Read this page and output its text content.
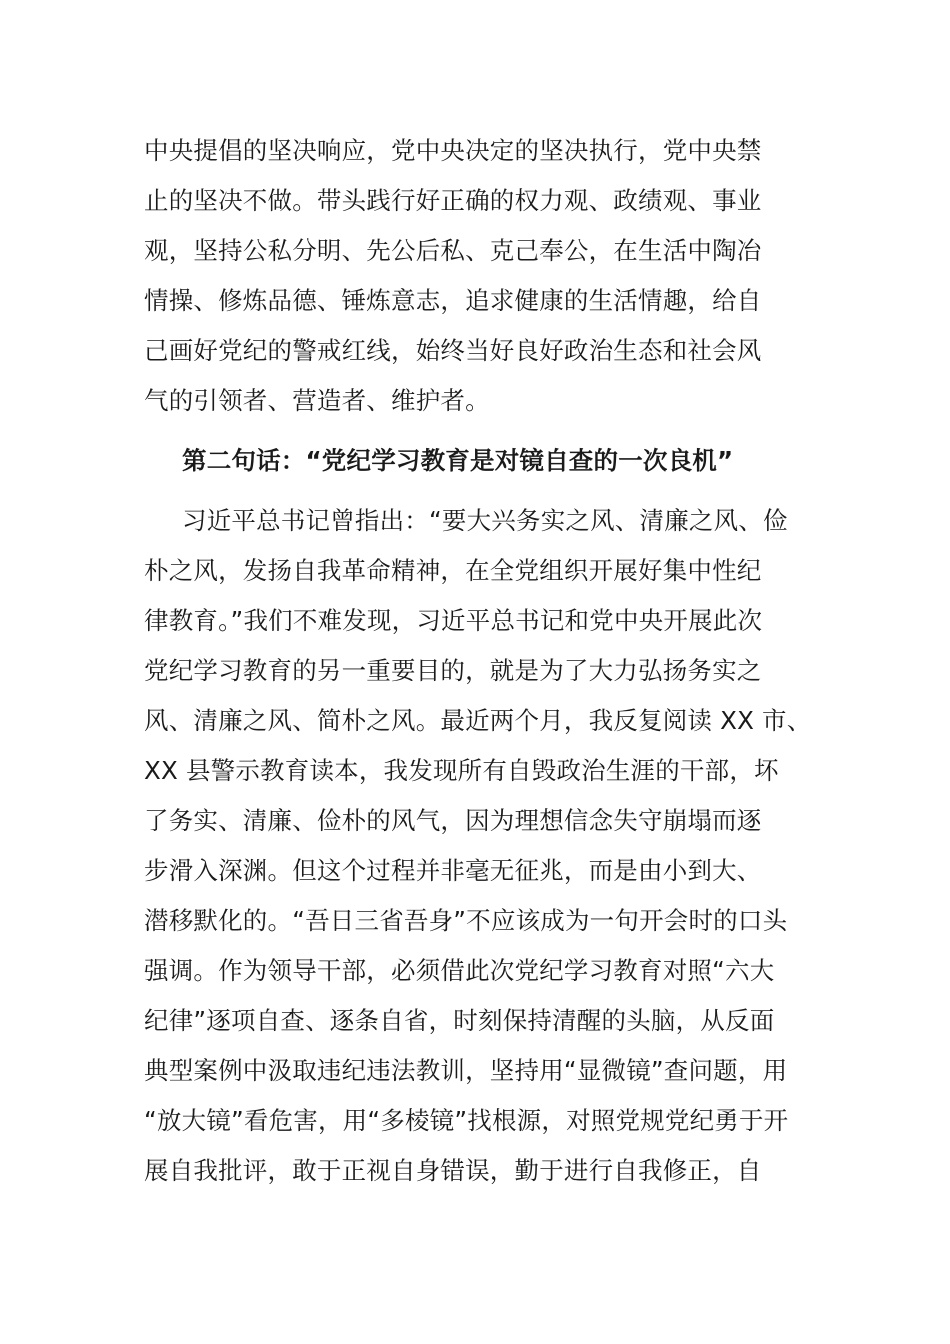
中央提倡的坚决响应，党中央决定的坚决执行，党中央禁
止的坚决不做。带头践行好正确的权力观、政绩观、事业
观，坚持公私分明、先公后私、克己奉公，在生活中陶冶
情操、修炼品德、锤炼意志，追求健康的生活情趣，给自
己画好党纪的警戒红线，始终当好良好政治生态和社会风
气的引领者、营造者、维护者。
第二句话：“党纪学习教育是对镜自查的一次良机”
习近平总书记曾指出：“要大兴务实之风、清廉之风、俭
朴之风，发扬自我革命精神，在全党组织开展好集中性纪
律教育。”我们不难发现，习近平总书记和党中央开展此次
党纪学习教育的另一重要目的，就是为了大力弘扬务实之
风、清廉之风、简朴之风。最近两个月，我反复阅读 XX 市、
XX 县警示教育读本，我发现所有自毁政治生涯的干部，坏
了务实、清廉、俭朴的风气，因为理想信念失守崩塌而逐
步滑入深渊。但这个过程并非毫无征兆，而是由小到大、
潜移默化的。“吾日三省吾身”不应该成为一句开会时的口头
强调。作为领导干部，必须借此次党纪学习教育对照“六大
纪律”逐项自查、逐条自省，时刻保持清醒的头脑，从反面
典型案例中汲取违纪违法教训，坚持用“显微镜”查问题，用
“放大镜”看危害，用“多棱镜”找根源，对照党规党纪勇于开
展自我批评，敢于正视自身错误，勤于进行自我修正，自
